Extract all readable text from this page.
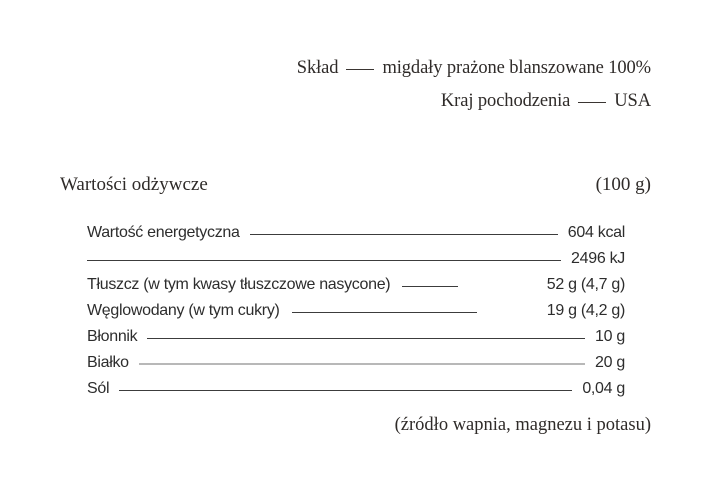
Skład migdały prażone blanszowane 100%
Kraj pochodzenia USA
Wartości odżywcze	(100 g)
Wartość energetyczna	604 kcal
2496 kJ
Tłuszcz (w tym kwasy tłuszczowe nasycone)	52 g (4,7 g)
Węglowodany (w tym cukry)	19 g (4,2 g)
Błonnik	10 g
Białko	20 g
Sól	0,04 g
(źródło wapnia, magnezu i potasu)
